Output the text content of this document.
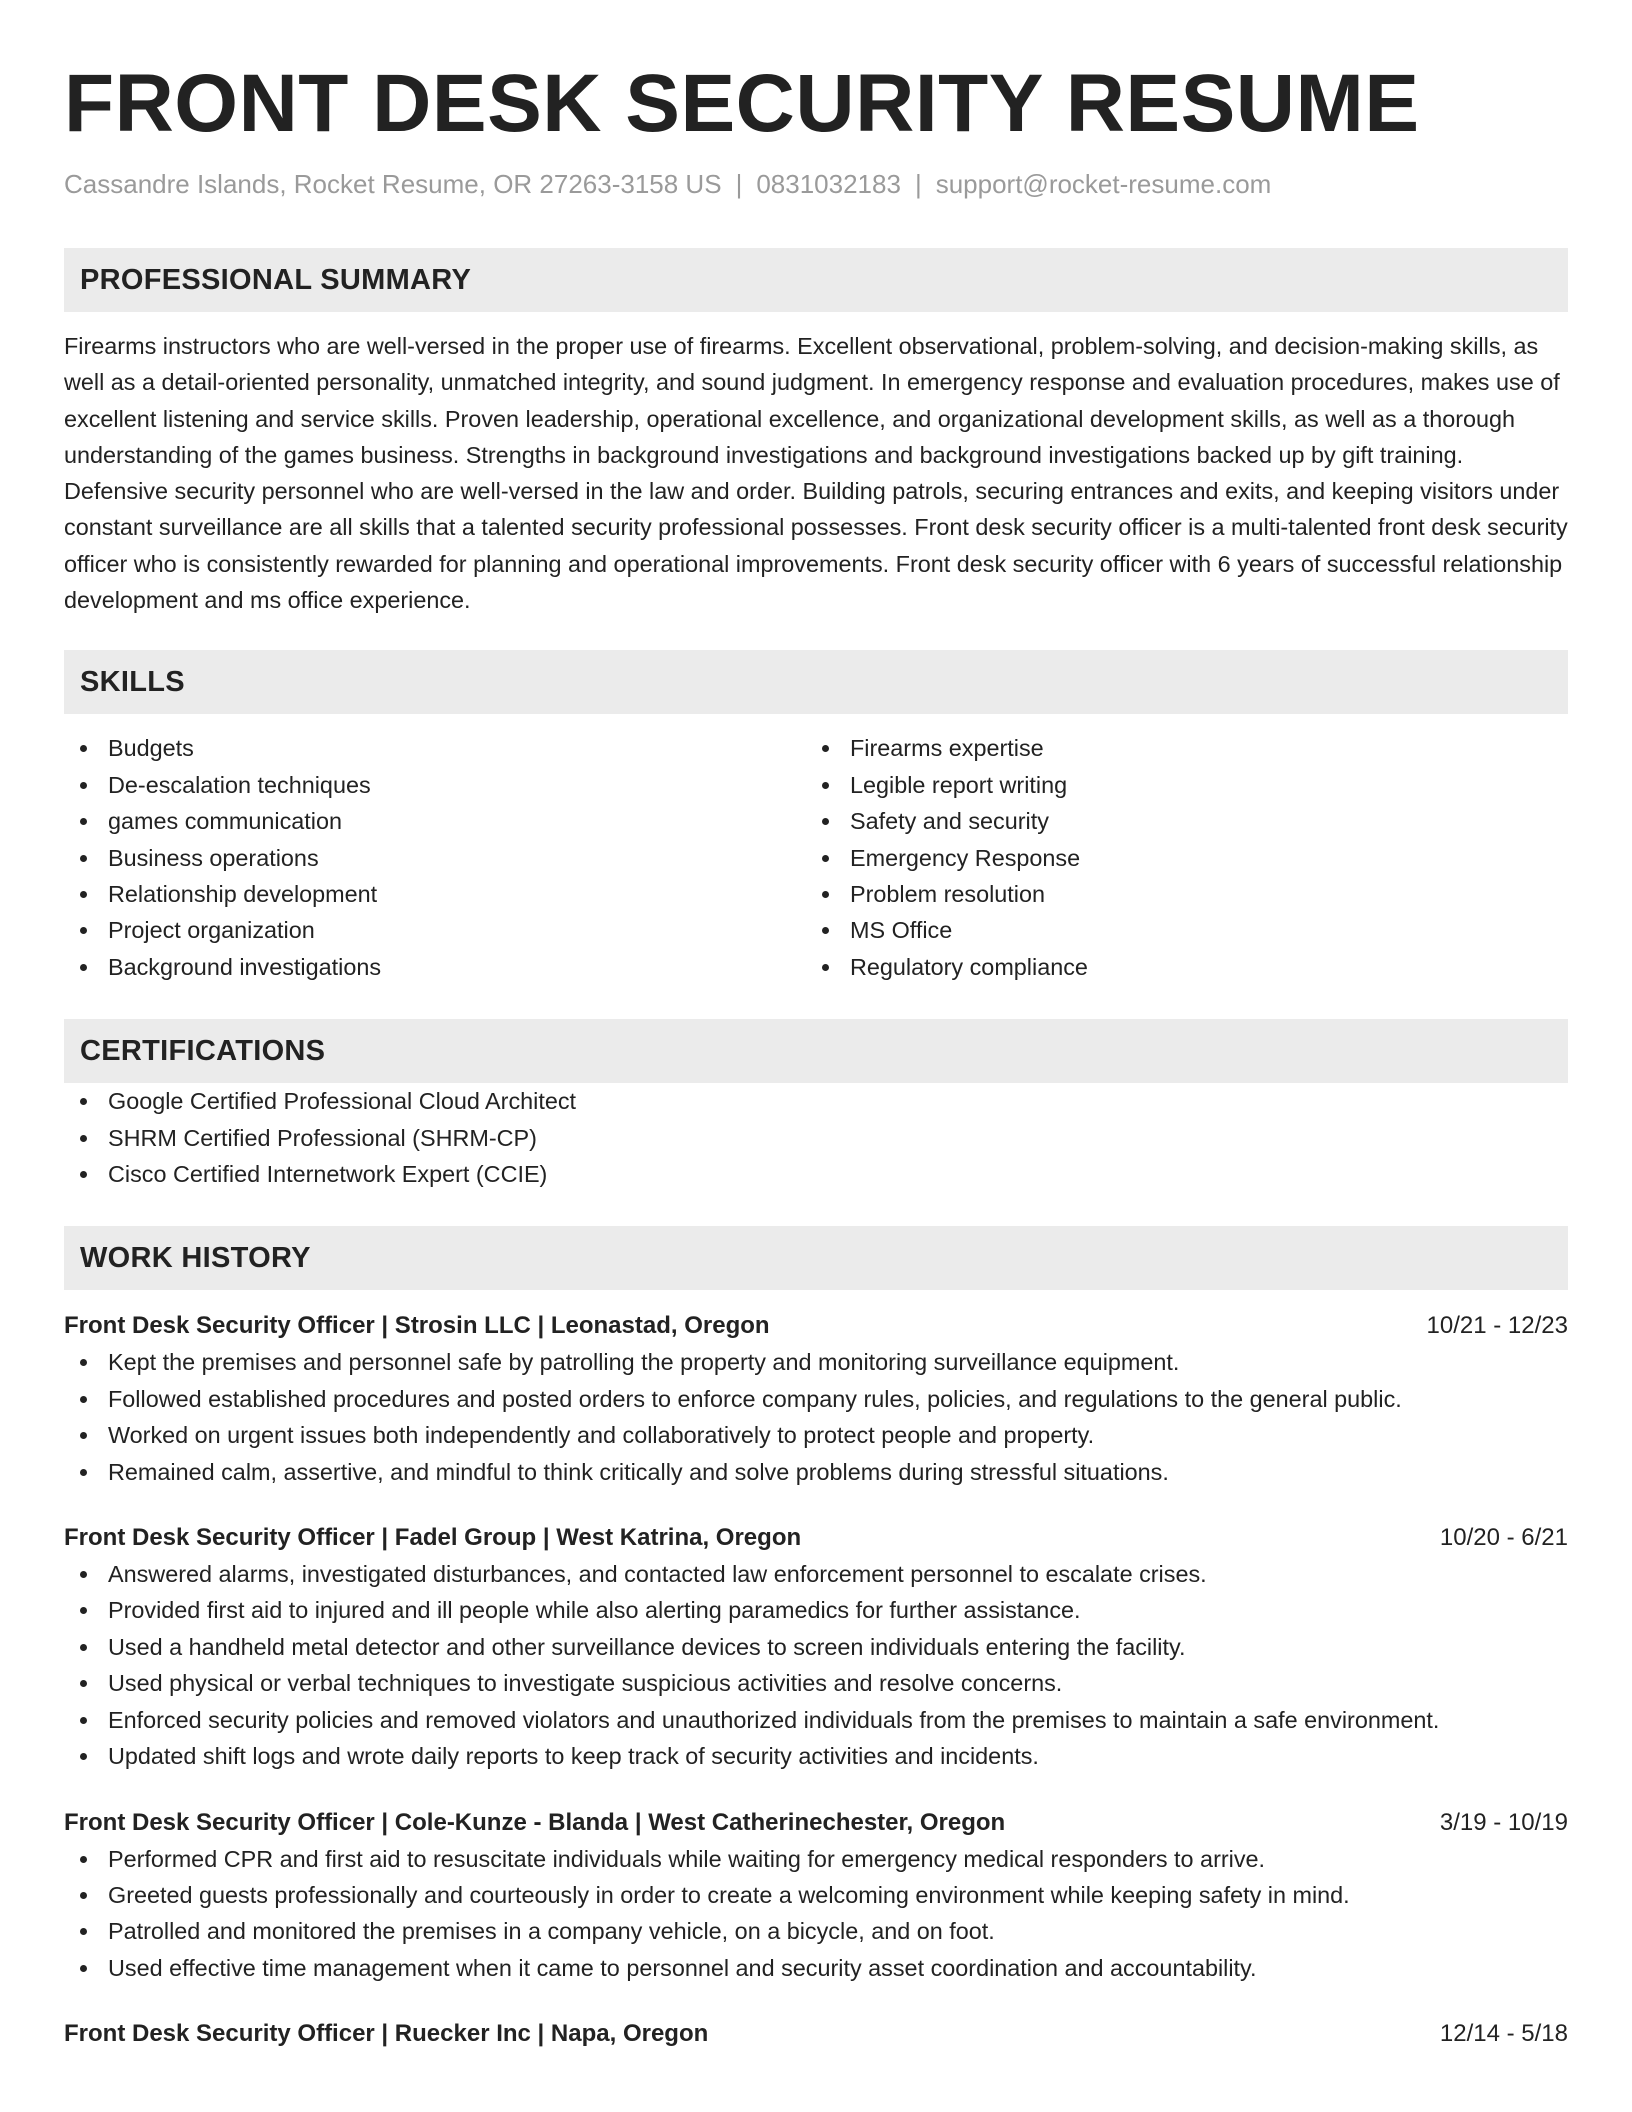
FRONT DESK SECURITY RESUME
Cassandre Islands, Rocket Resume, OR 27263-3158 US | 0831032183 | support@rocket-resume.com
PROFESSIONAL SUMMARY
Firearms instructors who are well-versed in the proper use of firearms. Excellent observational, problem-solving, and decision-making skills, as well as a detail-oriented personality, unmatched integrity, and sound judgment. In emergency response and evaluation procedures, makes use of excellent listening and service skills. Proven leadership, operational excellence, and organizational development skills, as well as a thorough understanding of the games business. Strengths in background investigations and background investigations backed up by gift training. Defensive security personnel who are well-versed in the law and order. Building patrols, securing entrances and exits, and keeping visitors under constant surveillance are all skills that a talented security professional possesses. Front desk security officer is a multi-talented front desk security officer who is consistently rewarded for planning and operational improvements. Front desk security officer with 6 years of successful relationship development and ms office experience.
SKILLS
Budgets
De-escalation techniques
games communication
Business operations
Relationship development
Project organization
Background investigations
Firearms expertise
Legible report writing
Safety and security
Emergency Response
Problem resolution
MS Office
Regulatory compliance
CERTIFICATIONS
Google Certified Professional Cloud Architect
SHRM Certified Professional (SHRM-CP)
Cisco Certified Internetwork Expert (CCIE)
WORK HISTORY
Front Desk Security Officer | Strosin LLC | Leonastad, Oregon	10/21 - 12/23
Kept the premises and personnel safe by patrolling the property and monitoring surveillance equipment.
Followed established procedures and posted orders to enforce company rules, policies, and regulations to the general public.
Worked on urgent issues both independently and collaboratively to protect people and property.
Remained calm, assertive, and mindful to think critically and solve problems during stressful situations.
Front Desk Security Officer | Fadel Group | West Katrina, Oregon	10/20 - 6/21
Answered alarms, investigated disturbances, and contacted law enforcement personnel to escalate crises.
Provided first aid to injured and ill people while also alerting paramedics for further assistance.
Used a handheld metal detector and other surveillance devices to screen individuals entering the facility.
Used physical or verbal techniques to investigate suspicious activities and resolve concerns.
Enforced security policies and removed violators and unauthorized individuals from the premises to maintain a safe environment.
Updated shift logs and wrote daily reports to keep track of security activities and incidents.
Front Desk Security Officer | Cole-Kunze - Blanda | West Catherinechester, Oregon	3/19 - 10/19
Performed CPR and first aid to resuscitate individuals while waiting for emergency medical responders to arrive.
Greeted guests professionally and courteously in order to create a welcoming environment while keeping safety in mind.
Patrolled and monitored the premises in a company vehicle, on a bicycle, and on foot.
Used effective time management when it came to personnel and security asset coordination and accountability.
Front Desk Security Officer | Ruecker Inc | Napa, Oregon	12/14 - 5/18
